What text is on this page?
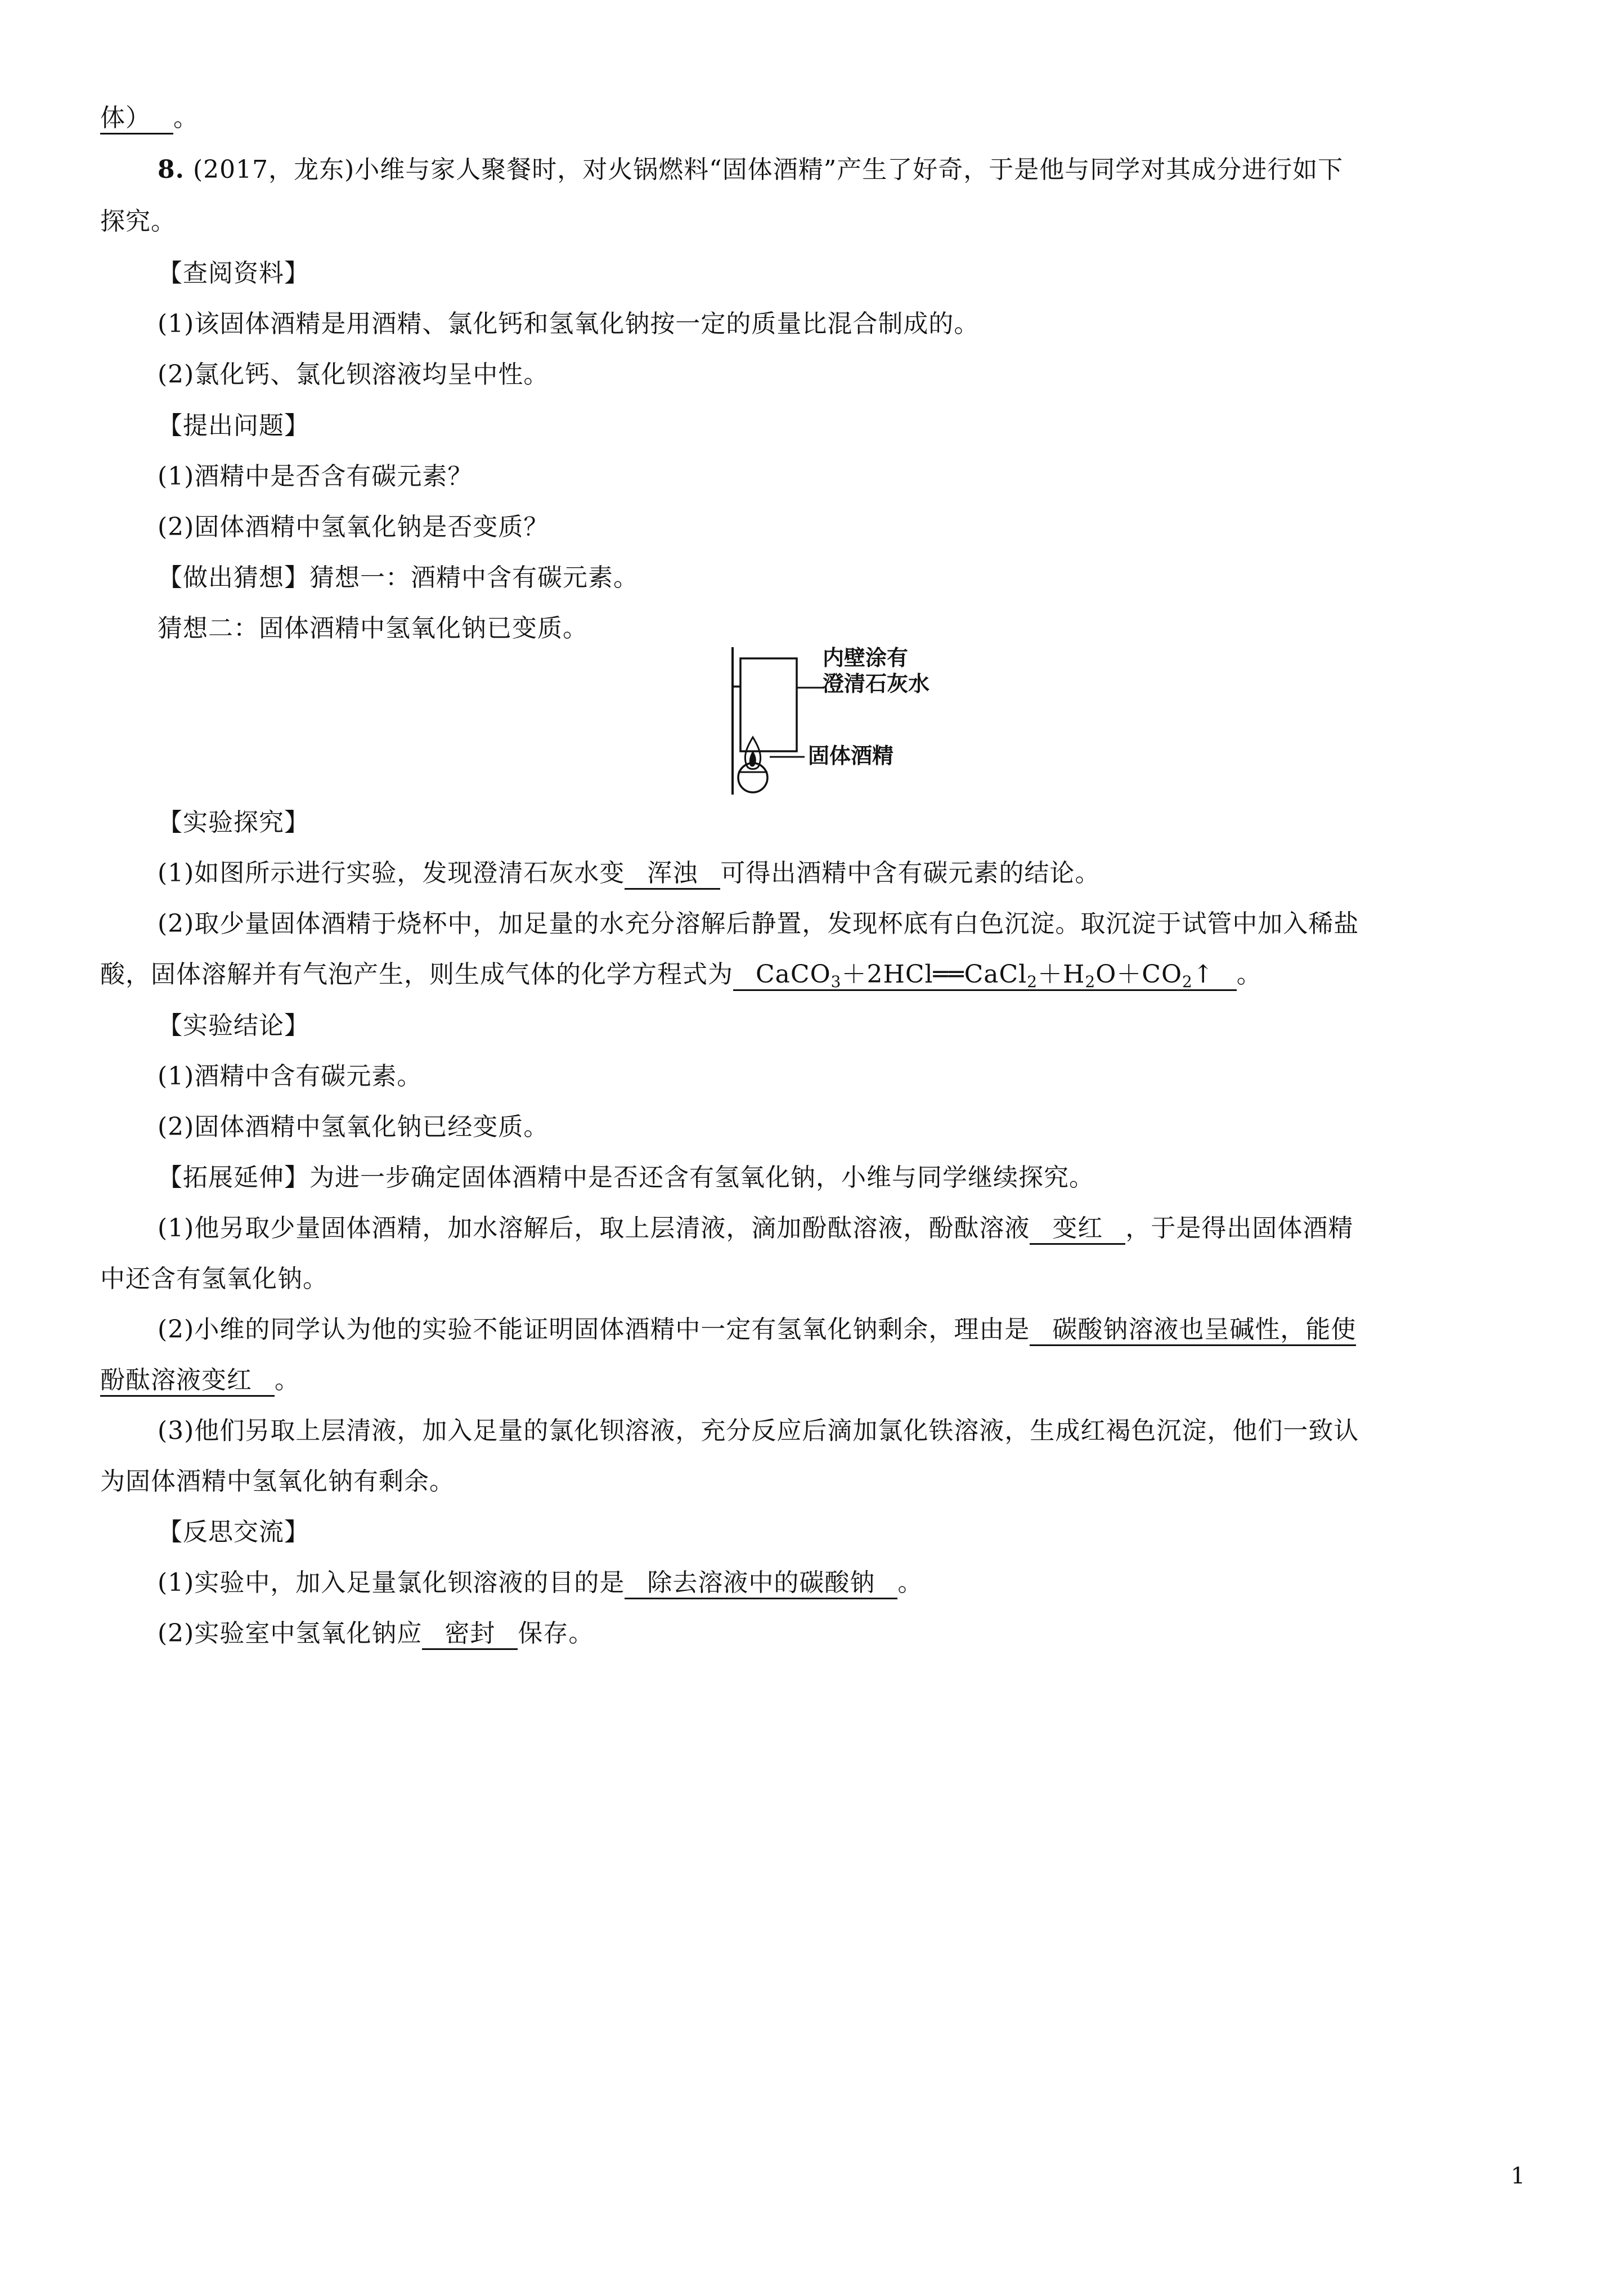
体） 。
8. (2017，龙东)小维与家人聚餐时，对火锅燃料“固体酒精”产生了好奇，于是他与同学对其成分进行如下
探究。
【查阅资料】
(1)该固体酒精是用酒精、氯化钙和氢氧化钠按一定的质量比混合制成的。
(2)氯化钙、氯化钡溶液均呈中性。
【提出问题】
(1)酒精中是否含有碳元素？
(2)固体酒精中氢氧化钠是否变质？
【做出猜想】猜想一：酒精中含有碳元素。
猜想二：固体酒精中氢氧化钠已变质。
内壁涂有
澄清石灰水
固体酒精
【实验探究】
(1)如图所示进行实验，发现澄清石灰水变 浑浊 可得出酒精中含有碳元素的结论。
(2)取少量固体酒精于烧杯中，加足量的水充分溶解后静置，发现杯底有白色沉淀。取沉淀于试管中加入稀盐
酸，固体溶解并有气泡产生，则生成气体的化学方程式为 $CaCO_3+2HCl══CaCl_2+H_2O+CO_2↑$ 。
【实验结论】
(1)酒精中含有碳元素。
(2)固体酒精中氢氧化钠已经变质。
【拓展延伸】为进一步确定固体酒精中是否还含有氢氧化钠，小维与同学继续探究。
(1)他另取少量固体酒精，加水溶解后，取上层清液，滴加酚酞溶液，酚酞溶液 变红 ，于是得出固体酒精
中还含有氢氧化钠。
(2)小维的同学认为他的实验不能证明固体酒精中一定有氢氧化钠剩余，理由是 碳酸钠溶液也呈碱性，能使
酚酞溶液变红 。
(3)他们另取上层清液，加入足量的氯化钡溶液，充分反应后滴加氯化铁溶液，生成红褐色沉淀，他们一致认
为固体酒精中氢氧化钠有剩余。
【反思交流】
(1)实验中，加入足量氯化钡溶液的目的是 除去溶液中的碳酸钠 。
(2)实验室中氢氧化钠应 密封 保存。
1
